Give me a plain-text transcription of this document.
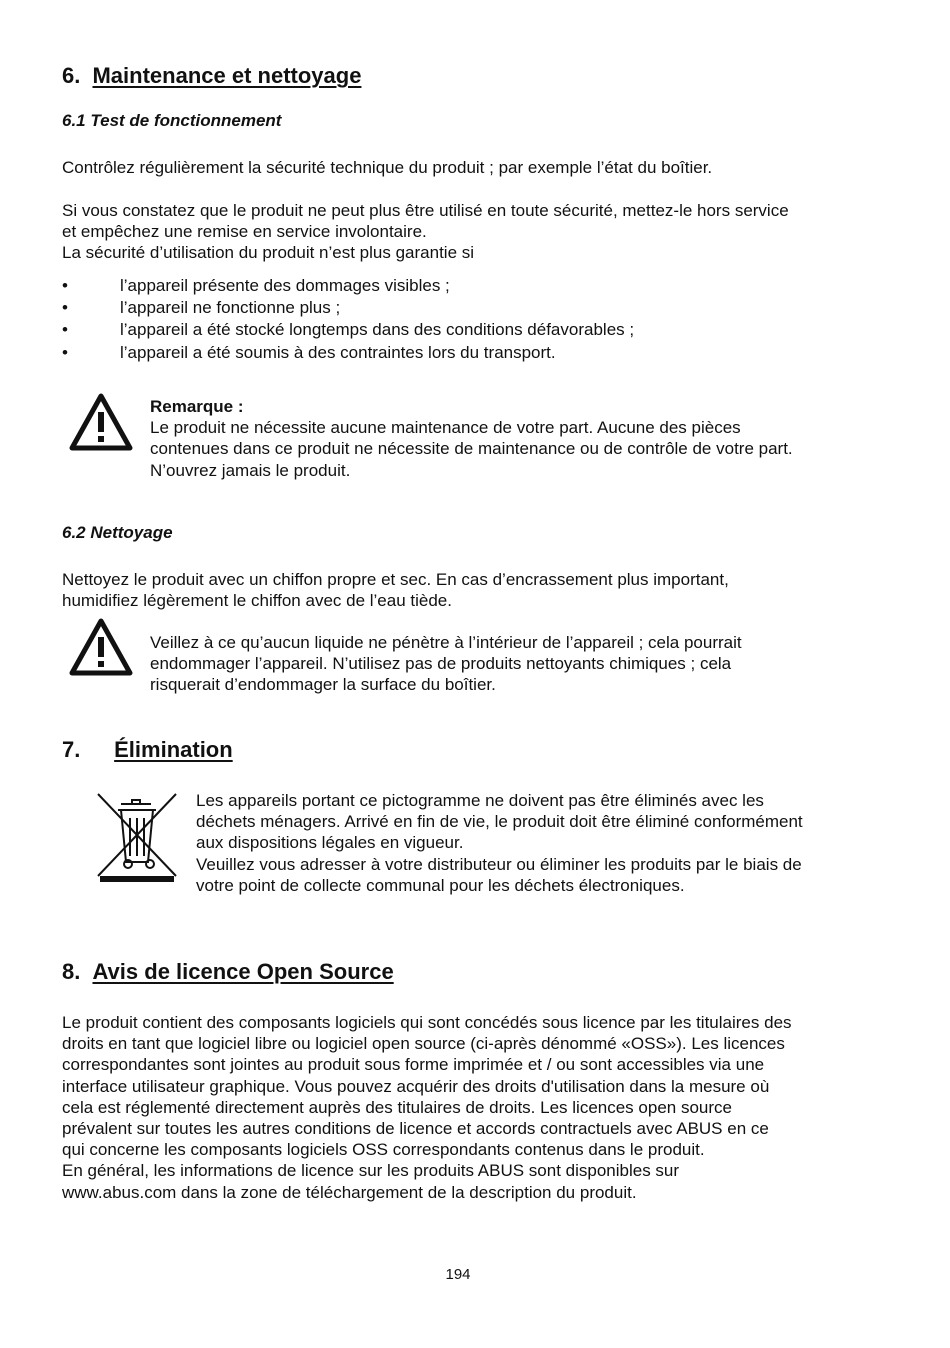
6. Maintenance et nettoyage
6.1 Test de fonctionnement
Contrôlez régulièrement la sécurité technique du produit ; par exemple l’état du boîtier.
Si vous constatez que le produit ne peut plus être utilisé en toute sécurité, mettez-le hors service
et empêchez une remise en service involontaire.
La sécurité d’utilisation du produit n’est plus garantie si
•	l’appareil présente des dommages visibles ;
•	l’appareil ne fonctionne plus ;
•	l’appareil a été stocké longtemps dans des conditions défavorables ;
•	l’appareil a été soumis à des contraintes lors du transport.
Remarque :
Le produit ne nécessite aucune maintenance de votre part. Aucune des pièces
contenues dans ce produit ne nécessite de maintenance ou de contrôle de votre part.
N’ouvrez jamais le produit.
6.2 Nettoyage
Nettoyez le produit avec un chiffon propre et sec. En cas d’encrassement plus important,
humidifiez légèrement le chiffon avec de l’eau tiède.
Veillez à ce qu’aucun liquide ne pénètre à l’intérieur de l’appareil ; cela pourrait
endommager l’appareil. N’utilisez pas de produits nettoyants chimiques ; cela
risquerait d’endommager la surface du boîtier.
7. Élimination
Les appareils portant ce pictogramme ne doivent pas être éliminés avec les
déchets ménagers. Arrivé en fin de vie, le produit doit être éliminé conformément
aux dispositions légales en vigueur.
Veuillez vous adresser à votre distributeur ou éliminer les produits par le biais de
votre point de collecte communal pour les déchets électroniques.
8. Avis de licence Open Source
Le produit contient des composants logiciels qui sont concédés sous licence par les titulaires des
droits en tant que logiciel libre ou logiciel open source (ci-après dénommé «OSS»). Les licences
correspondantes sont jointes au produit sous forme imprimée et / ou sont accessibles via une
interface utilisateur graphique. Vous pouvez acquérir des droits d'utilisation dans la mesure où
cela est réglementé directement auprès des titulaires de droits. Les licences open source
prévalent sur toutes les autres conditions de licence et accords contractuels avec ABUS en ce
qui concerne les composants logiciels OSS correspondants contenus dans le produit.
En général, les informations de licence sur les produits ABUS sont disponibles sur
www.abus.com dans la zone de téléchargement de la description du produit.
194
